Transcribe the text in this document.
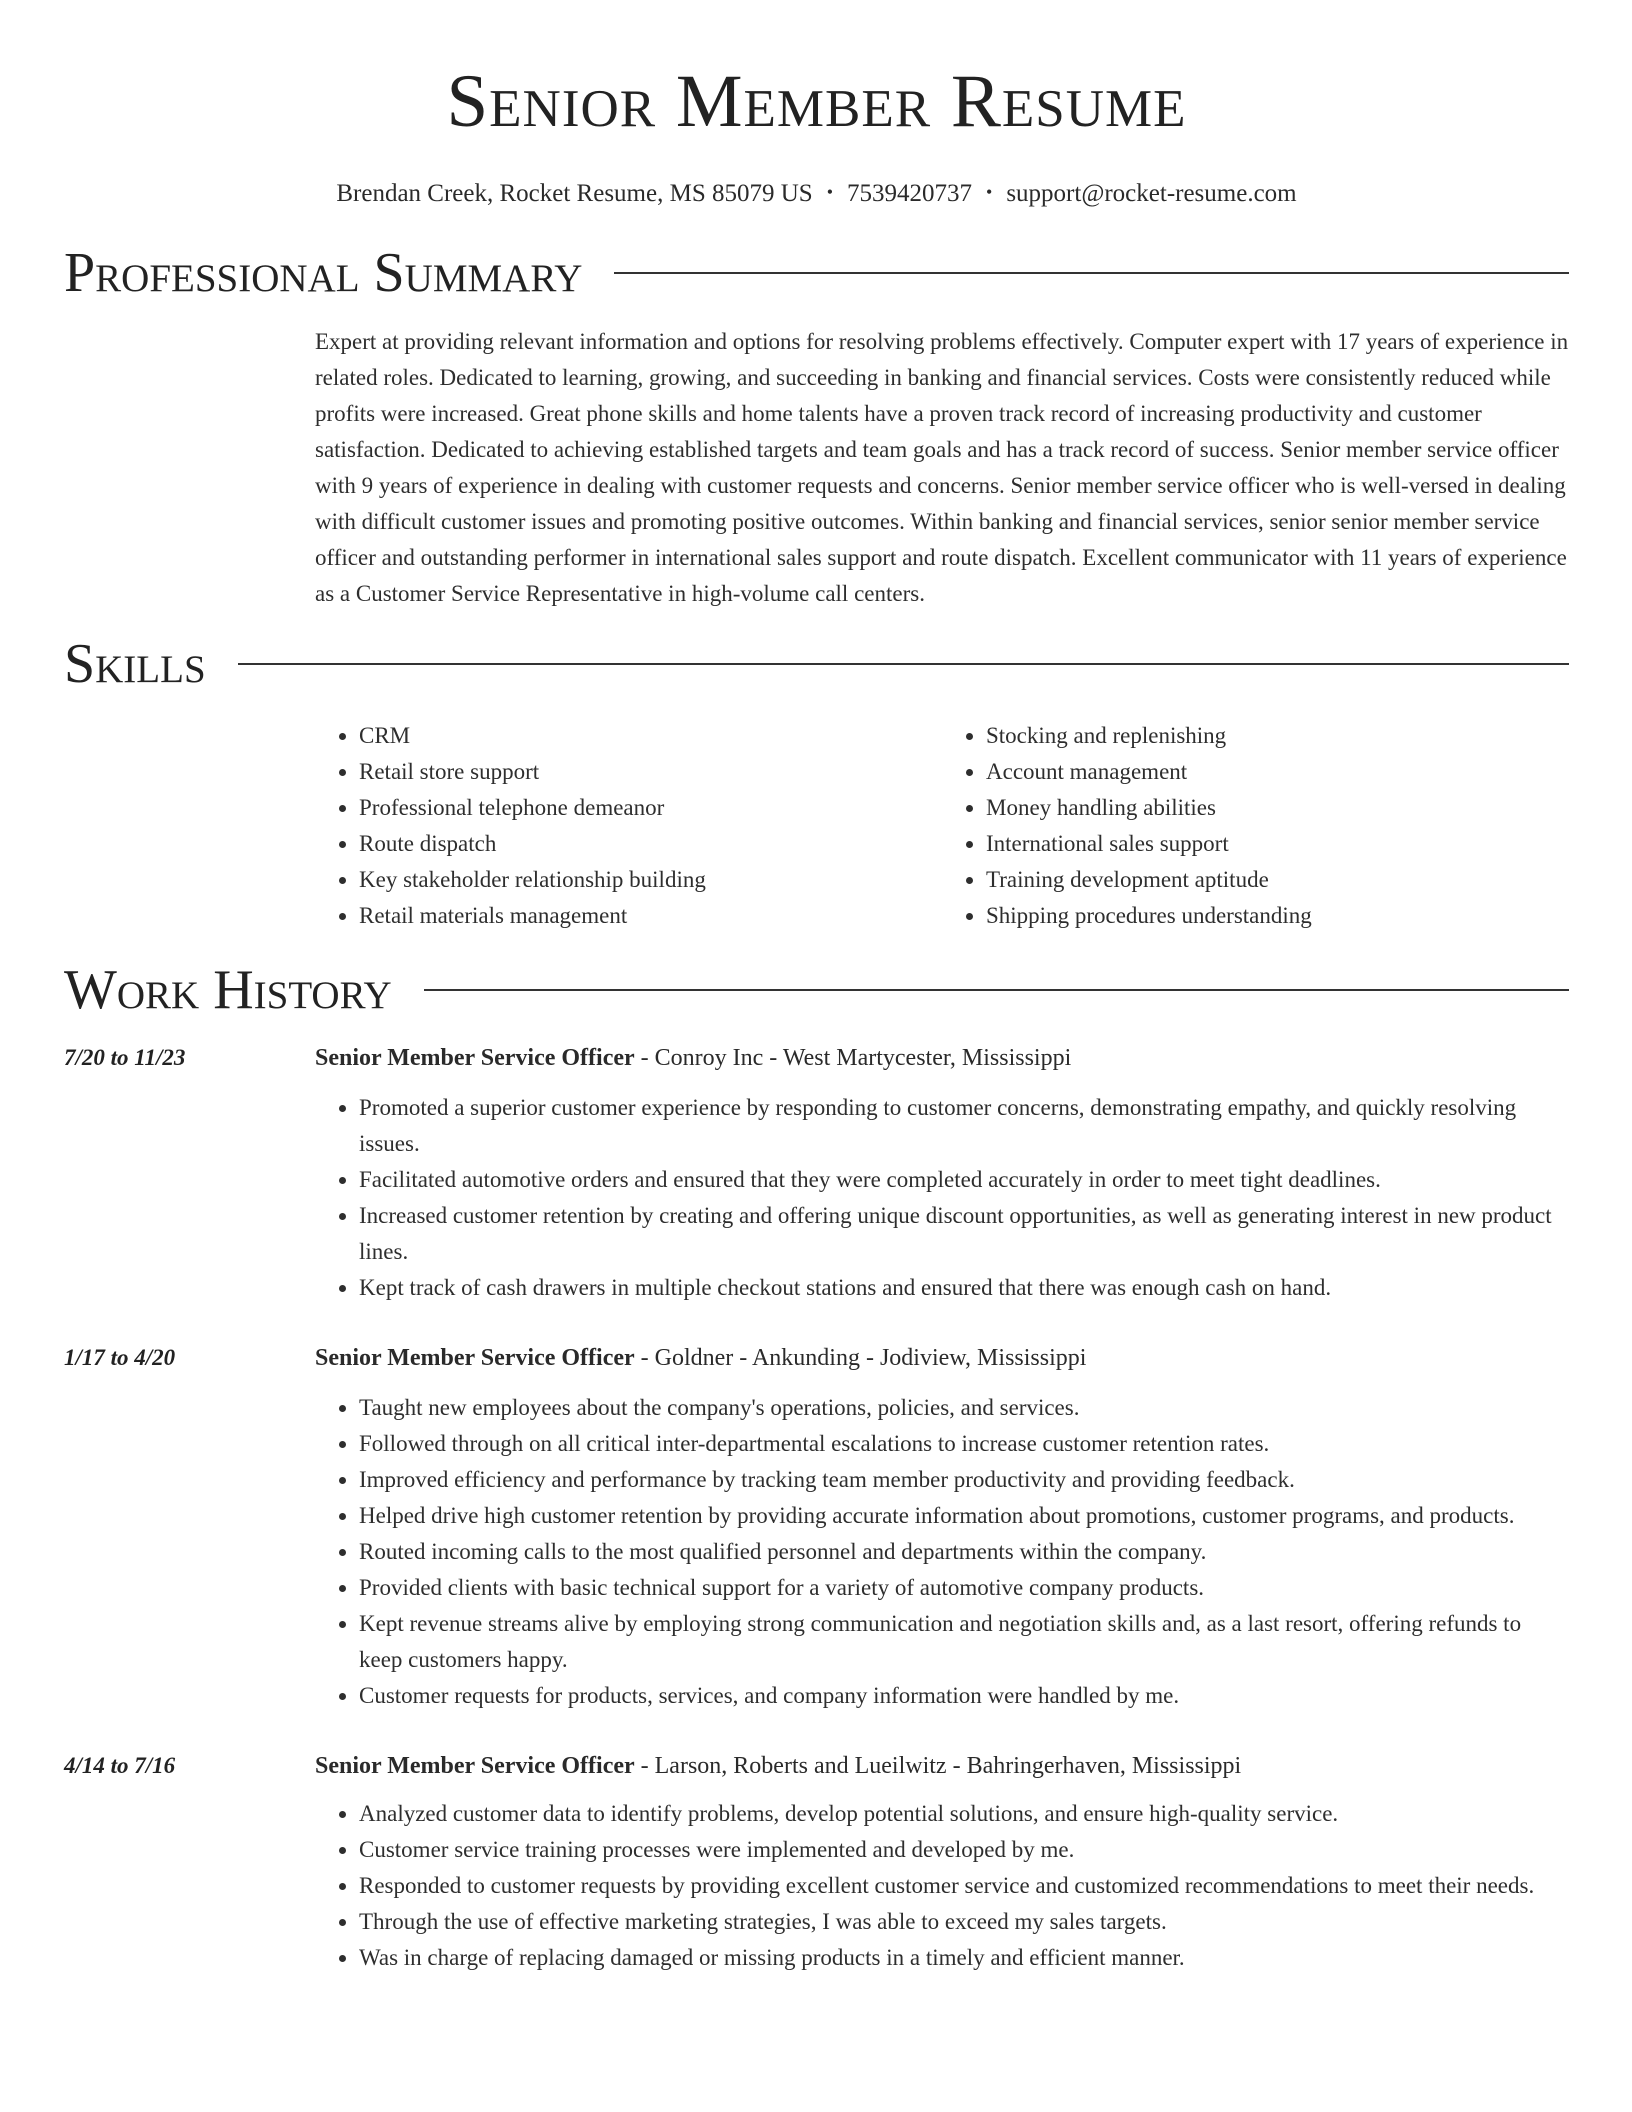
Senior Member Resume
Brendan Creek, Rocket Resume, MS 85079 US • 7539420737 • support@rocket-resume.com
Professional Summary

Expert at providing relevant information and options for resolving problems effectively. Computer expert with 17 years of experience in related roles. Dedicated to learning, growing, and succeeding in banking and financial services. Costs were consistently reduced while profits were increased. Great phone skills and home talents have a proven track record of increasing productivity and customer satisfaction. Dedicated to achieving established targets and team goals and has a track record of success. Senior member service officer with 9 years of experience in dealing with customer requests and concerns. Senior member service officer who is well-versed in dealing with difficult customer issues and promoting positive outcomes. Within banking and financial services, senior senior member service officer and outstanding performer in international sales support and route dispatch. Excellent communicator with 11 years of experience as a Customer Service Representative in high-volume call centers.

Skills
• CRM
• Retail store support
• Professional telephone demeanor
• Route dispatch
• Key stakeholder relationship building
• Retail materials management
• Stocking and replenishing
• Account management
• Money handling abilities
• International sales support
• Training development aptitude
• Shipping procedures understanding
Work History
7/20 to 11/23	Senior Member Service Officer - Conroy Inc - West Martycester, Mississippi
• Promoted a superior customer experience by responding to customer concerns, demonstrating empathy, and quickly resolving issues.
• Facilitated automotive orders and ensured that they were completed accurately in order to meet tight deadlines.
• Increased customer retention by creating and offering unique discount opportunities, as well as generating interest in new product lines.
• Kept track of cash drawers in multiple checkout stations and ensured that there was enough cash on hand.
1/17 to 4/20	Senior Member Service Officer - Goldner - Ankunding - Jodiview, Mississippi
• Taught new employees about the company's operations, policies, and services.
• Followed through on all critical inter-departmental escalations to increase customer retention rates.
• Improved efficiency and performance by tracking team member productivity and providing feedback.
• Helped drive high customer retention by providing accurate information about promotions, customer programs, and products.
• Routed incoming calls to the most qualified personnel and departments within the company.
• Provided clients with basic technical support for a variety of automotive company products.
• Kept revenue streams alive by employing strong communication and negotiation skills and, as a last resort, offering refunds to keep customers happy.
• Customer requests for products, services, and company information were handled by me.
4/14 to 7/16	Senior Member Service Officer - Larson, Roberts and Lueilwitz - Bahringerhaven, Mississippi
• Analyzed customer data to identify problems, develop potential solutions, and ensure high-quality service.
• Customer service training processes were implemented and developed by me.
• Responded to customer requests by providing excellent customer service and customized recommendations to meet their needs.
• Through the use of effective marketing strategies, I was able to exceed my sales targets.
• Was in charge of replacing damaged or missing products in a timely and efficient manner.
